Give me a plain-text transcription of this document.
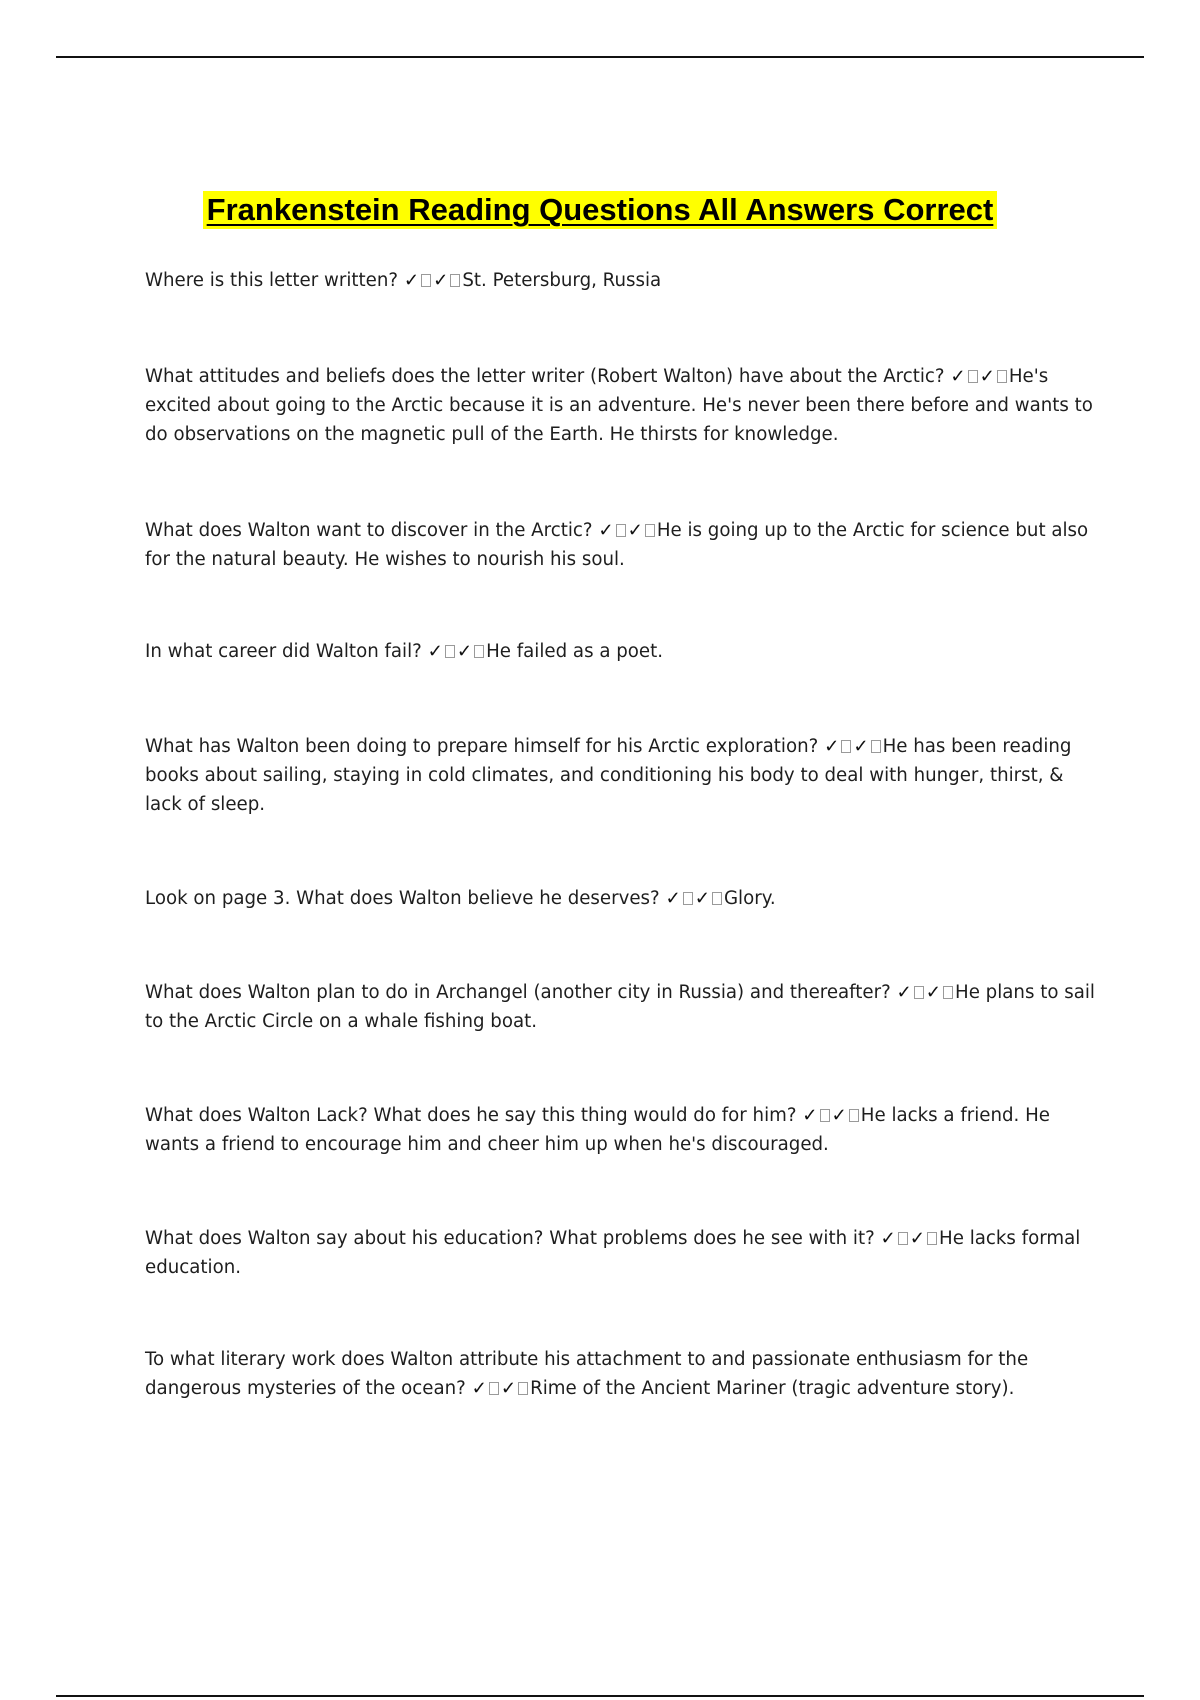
Frankenstein Reading Questions All Answers Correct

Where is this letter written? ✓ ✓ St. Petersburg, Russia

What attitudes and beliefs does the letter writer (Robert Walton) have about the Arctic? ✓ ✓ He's excited about going to the Arctic because it is an adventure. He's never been there before and wants to do observations on the magnetic pull of the Earth. He thirsts for knowledge.

What does Walton want to discover in the Arctic? ✓ ✓ He is going up to the Arctic for science but also for the natural beauty. He wishes to nourish his soul.

In what career did Walton fail? ✓ ✓ He failed as a poet.

What has Walton been doing to prepare himself for his Arctic exploration? ✓ ✓ He has been reading books about sailing, staying in cold climates, and conditioning his body to deal with hunger, thirst, & lack of sleep.

Look on page 3. What does Walton believe he deserves? ✓ ✓ Glory.

What does Walton plan to do in Archangel (another city in Russia) and thereafter? ✓ ✓ He plans to sail to the Arctic Circle on a whale fishing boat.

What does Walton Lack? What does he say this thing would do for him? ✓ ✓ He lacks a friend. He wants a friend to encourage him and cheer him up when he's discouraged.

What does Walton say about his education? What problems does he see with it? ✓ ✓ He lacks formal education.

To what literary work does Walton attribute his attachment to and passionate enthusiasm for the dangerous mysteries of the ocean? ✓ ✓ Rime of the Ancient Mariner (tragic adventure story).
